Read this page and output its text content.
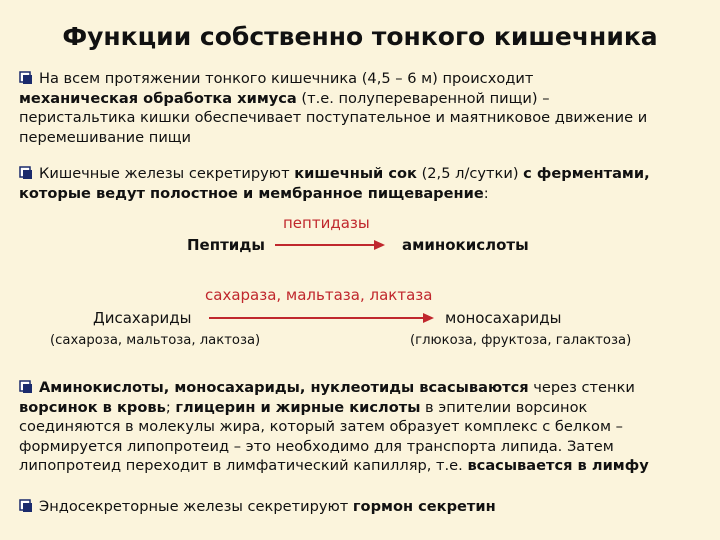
Функции собственно тонкого кишечника
На всем протяжении тонкого кишечника (4,5 – 6 м) происходит
механическая обработка химуса (т.е. полупереваренной пищи) –
перистальтика кишки обеспечивает поступательное и маятниковое движение и
перемешивание пищи
Кишечные железы секретируют кишечный сок (2,5 л/сутки) с ферментами,
которые ведут полостное и мембранное пищеварение:
пептидазы
Пептиды	аминокислоты
сахараза, мальтаза, лактаза
Дисахариды	моносахариды
(сахароза, мальтоза, лактоза)	(глюкоза, фруктоза, галактоза)
Аминокислоты, моносахариды, нуклеотиды всасываются через стенки
ворсинок в кровь; глицерин и жирные кислоты в эпителии ворсинок
соединяются в молекулы жира, который затем образует комплекс с белком –
формируется липопротеид – это необходимо для транспорта липида. Затем
липопротеид переходит в лимфатический капилляр, т.е. всасывается в лимфу
Эндосекреторные железы секретируют гормон секретин
